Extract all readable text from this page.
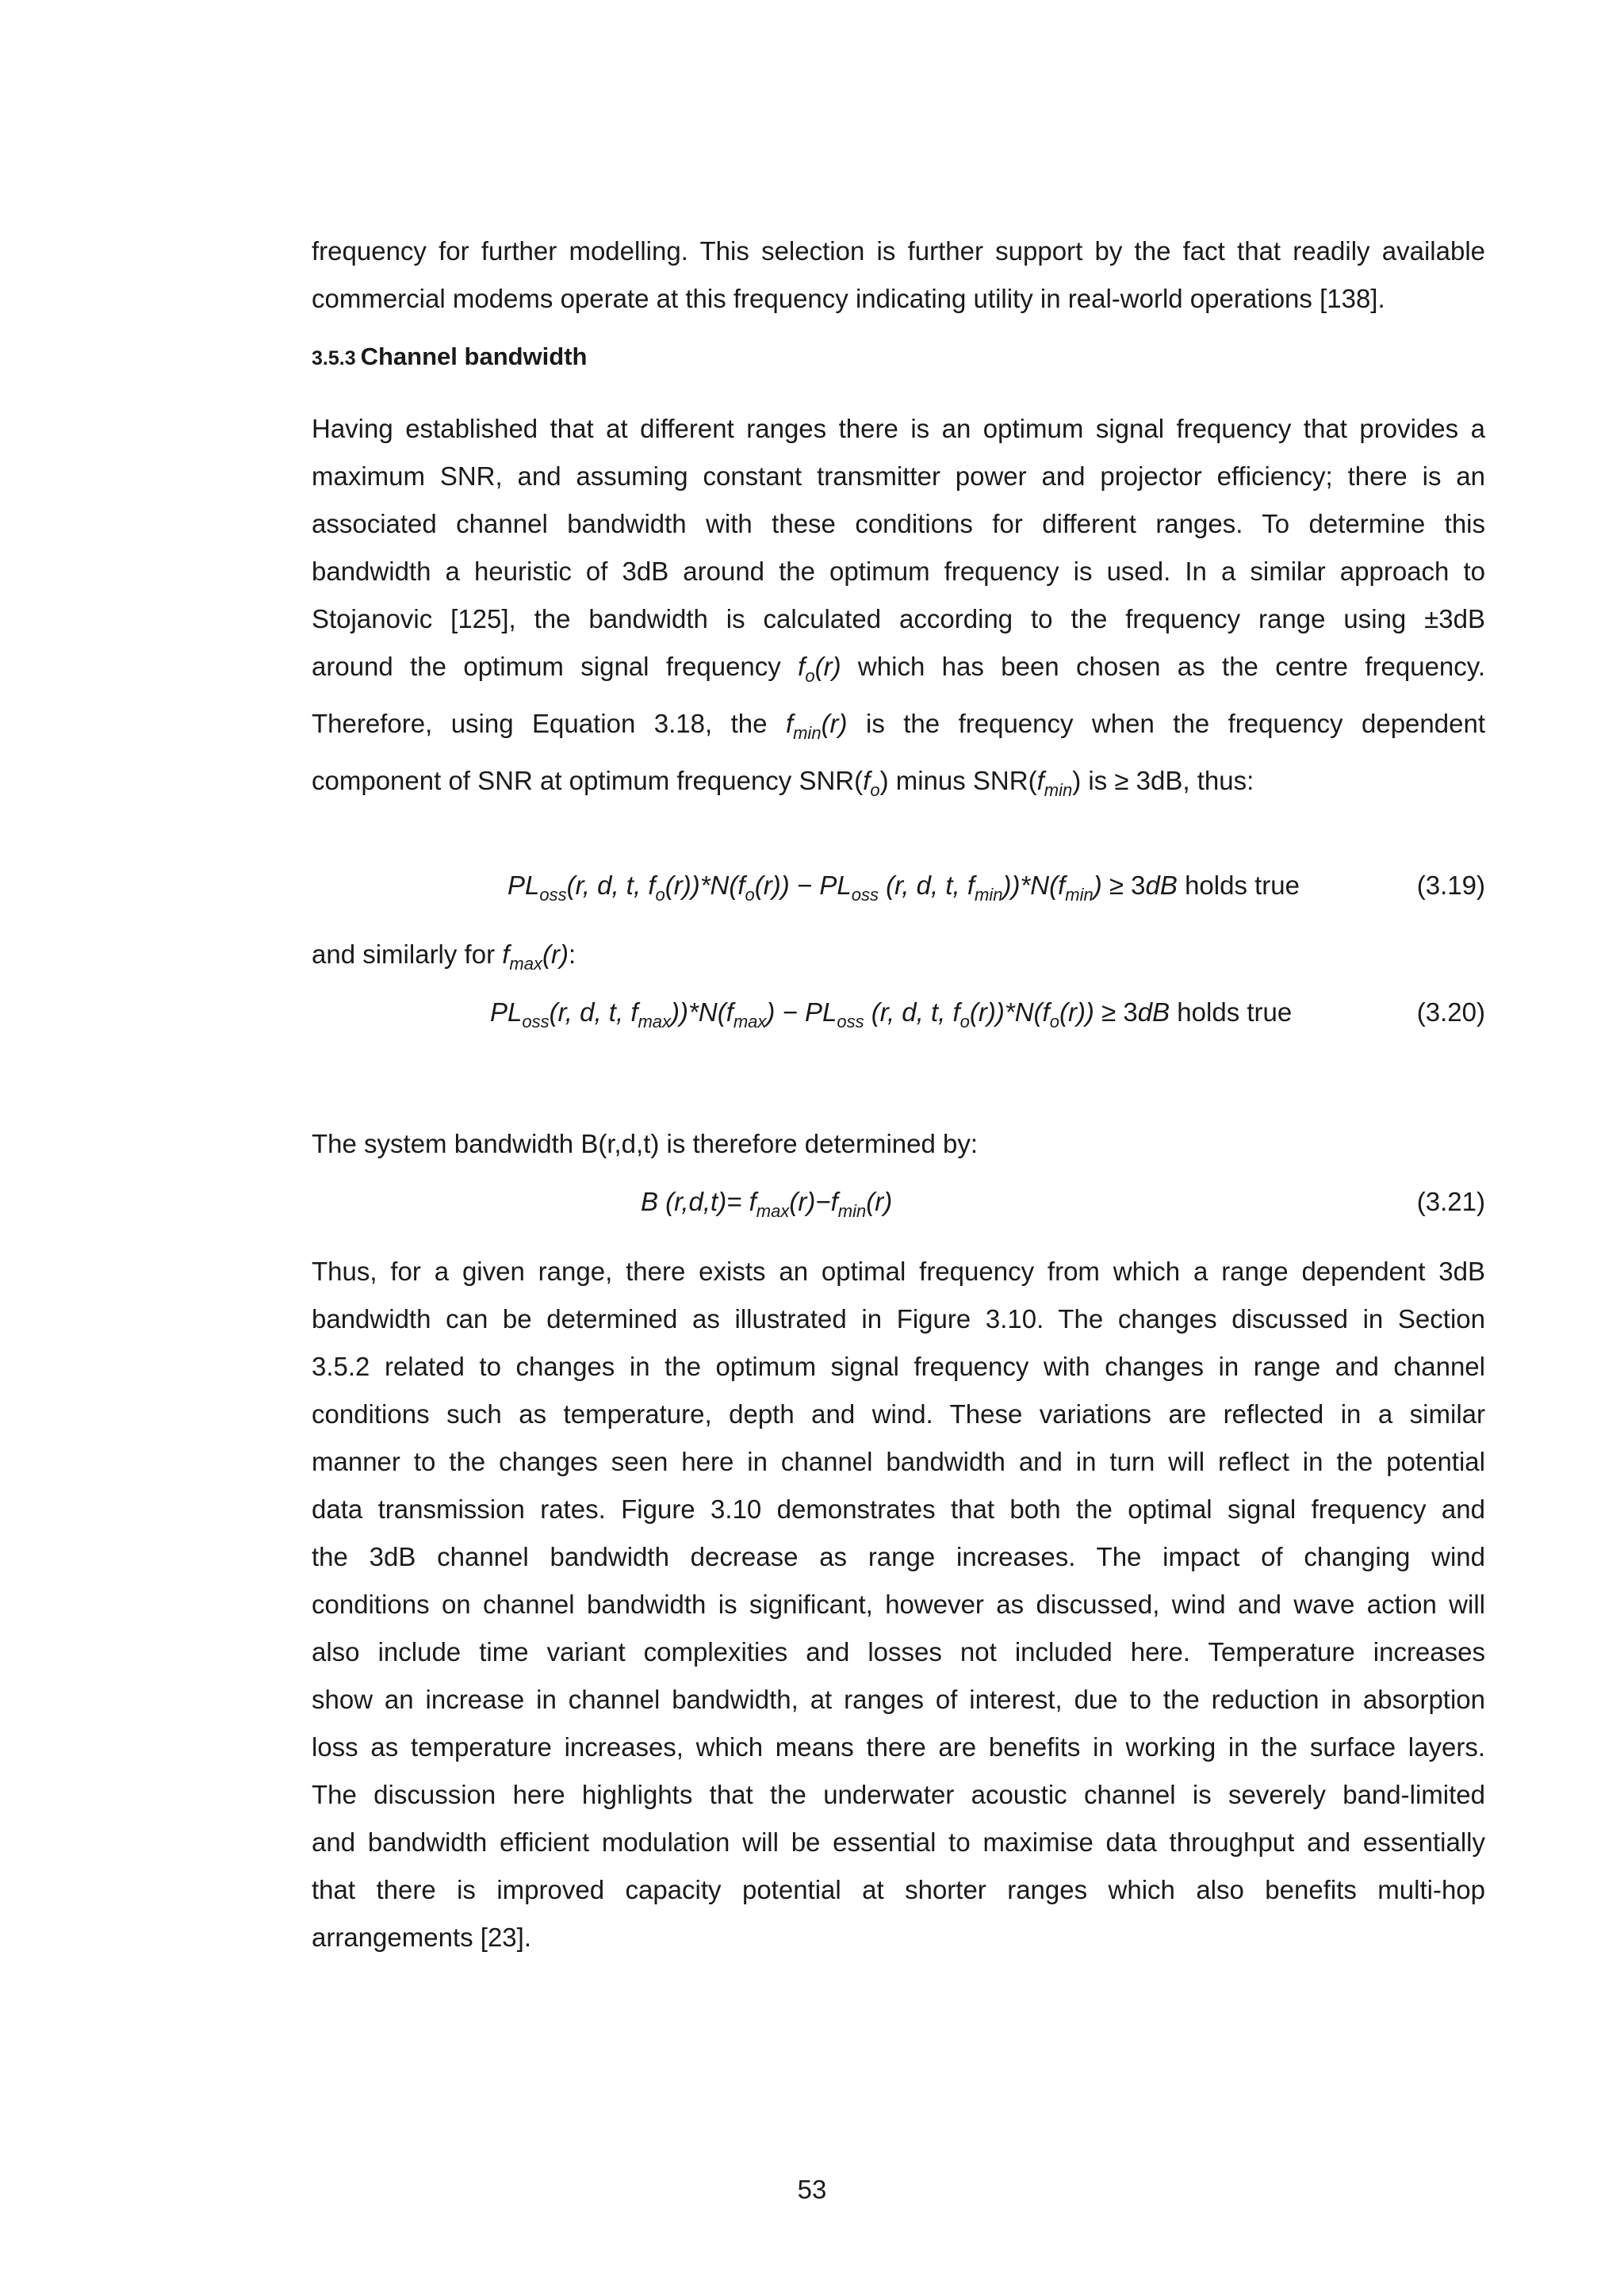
frequency for further modelling. This selection is further support by the fact that readily available
commercial modems operate at this frequency indicating utility in real-world operations [138].
3.5.3 Channel bandwidth
Having established that at different ranges there is an optimum signal frequency that provides a
maximum SNR, and assuming constant transmitter power and projector efficiency; there is an
associated channel bandwidth with these conditions for different ranges. To determine this
bandwidth a heuristic of 3dB around the optimum frequency is used. In a similar approach to
Stojanovic [125], the bandwidth is calculated according to the frequency range using ±3dB
around the optimum signal frequency $f_o(r)$ which has been chosen as the centre frequency.
Therefore, using Equation 3.18, the $f_{min}(r)$ is the frequency when the frequency dependent
component of SNR at optimum frequency $SNR(f_o)$ minus $SNR(f_{min})$ is ≥ 3dB, thus:
$PL_{oss}(r$, d, t, $f_o(r))*N(f_o(r)) - PL_{oss}$ (r, d, t, $f_{min}))*N(f_{min}) \ge 3dB$ holds true	(3.19)
and similarly for $f_{max}(r)$:
$PL_{oss}(r$, d, t, $f_{max}))*N(f_{max}) - PL_{oss}$ (r, d, t, $f_o(r))*N(f_o(r)) \ge 3dB$ holds true	(3.20)
The system bandwidth B(r,d,t) is therefore determined by:
B $(r,d,t)= f_{max}(r)-f_{min}(r)$	(3.21)
Thus, for a given range, there exists an optimal frequency from which a range dependent 3dB
bandwidth can be determined as illustrated in Figure 3.10. The changes discussed in Section
3.5.2 related to changes in the optimum signal frequency with changes in range and channel
conditions such as temperature, depth and wind. These variations are reflected in a similar
manner to the changes seen here in channel bandwidth and in turn will reflect in the potential
data transmission rates. Figure 3.10 demonstrates that both the optimal signal frequency and
the 3dB channel bandwidth decrease as range increases. The impact of changing wind
conditions on channel bandwidth is significant, however as discussed, wind and wave action will
also include time variant complexities and losses not included here. Temperature increases
show an increase in channel bandwidth, at ranges of interest, due to the reduction in absorption
loss as temperature increases, which means there are benefits in working in the surface layers.
The discussion here highlights that the underwater acoustic channel is severely band-limited
and bandwidth efficient modulation will be essential to maximise data throughput and essentially
that there is improved capacity potential at shorter ranges which also benefits multi-hop
arrangements [23].
53
